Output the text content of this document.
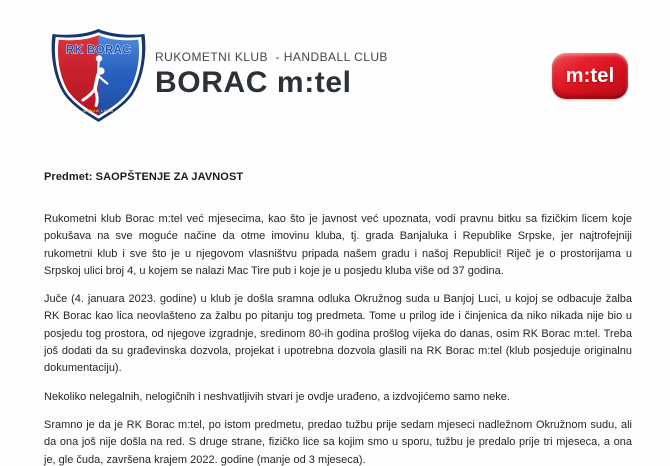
RK BORAC
BANJA LUKA
RUKOMETNI KLUB  - HANDBALL CLUB
BORAC m:tel	m:tel

Predmet: SAOPŠTENJE ZA JAVNOST

Rukometni klub Borac m:tel već mjesecima, kao što je javnost već upoznata, vodi pravnu bitku sa fizičkim licem koje pokušava na sve moguće načine da otme imovinu kluba, tj. grada Banjaluka i Republike Srpske, jer najtrofejniji rukometni klub i sve što je u njegovom vlasništvu pripada našem gradu i našoj Republici! Riječ je o prostorijama u Srpskoj ulici broj 4, u kojem se nalazi Mac Tire pub i koje je u posjedu kluba više od 37 godina.

Juče (4. januara 2023. godine) u klub je došla sramna odluka Okružnog suda u Banjoj Luci, u kojoj se odbacuje žalba RK Borac kao lica neovlašteno za žalbu po pitanju tog predmeta. Tome u prilog ide i činjenica da niko nikada nije bio u posjedu tog prostora, od njegove izgradnje, sredinom 80-ih godina prošlog vijeka do danas, osim RK Borac m:tel. Treba još dodati da su građevinska dozvola, projekat i upotrebna dozvola glasili na RK Borac m:tel (klub posjeduje originalnu dokumentaciju).

Nekoliko nelegalnih, nelogičnih i neshvatljivih stvari je ovdje urađeno, a izdvojićemo samo neke.

Sramno je da je RK Borac m:tel, po istom predmetu, predao tužbu prije sedam mjeseci nadležnom Okružnom sudu, ali da ona još nije došla na red. S druge strane, fizičko lice sa kojim smo u sporu, tužbu je predalo prije tri mjeseca, a ona je, gle čuda, završena krajem 2022. godine (manje od 3 mjeseca).
